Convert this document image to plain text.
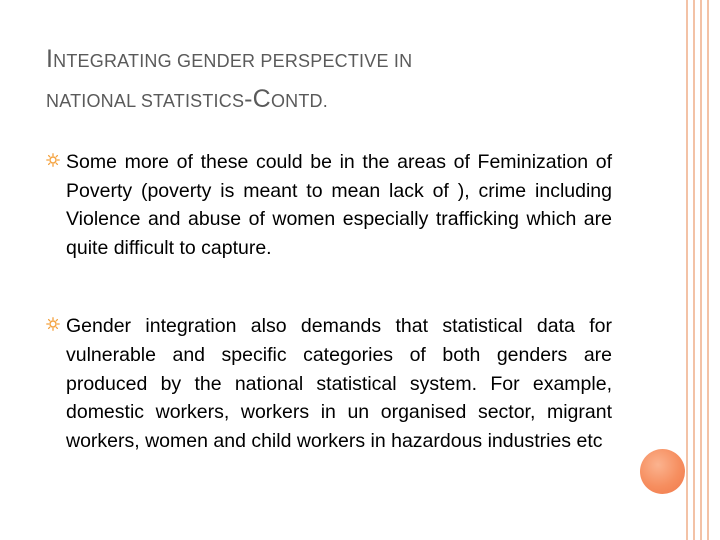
INTEGRATING GENDER PERSPECTIVE IN
NATIONAL STATISTICS-CONTD.
Some more of these could be in the areas of Feminization of Poverty (poverty is meant to mean lack of ), crime including Violence and abuse of women especially trafficking which are quite difficult to capture.
Gender integration also demands that statistical data for vulnerable and specific categories of both genders are produced by the national statistical system. For example, domestic workers, workers in un organised sector, migrant workers, women and child workers in hazardous industries etc
